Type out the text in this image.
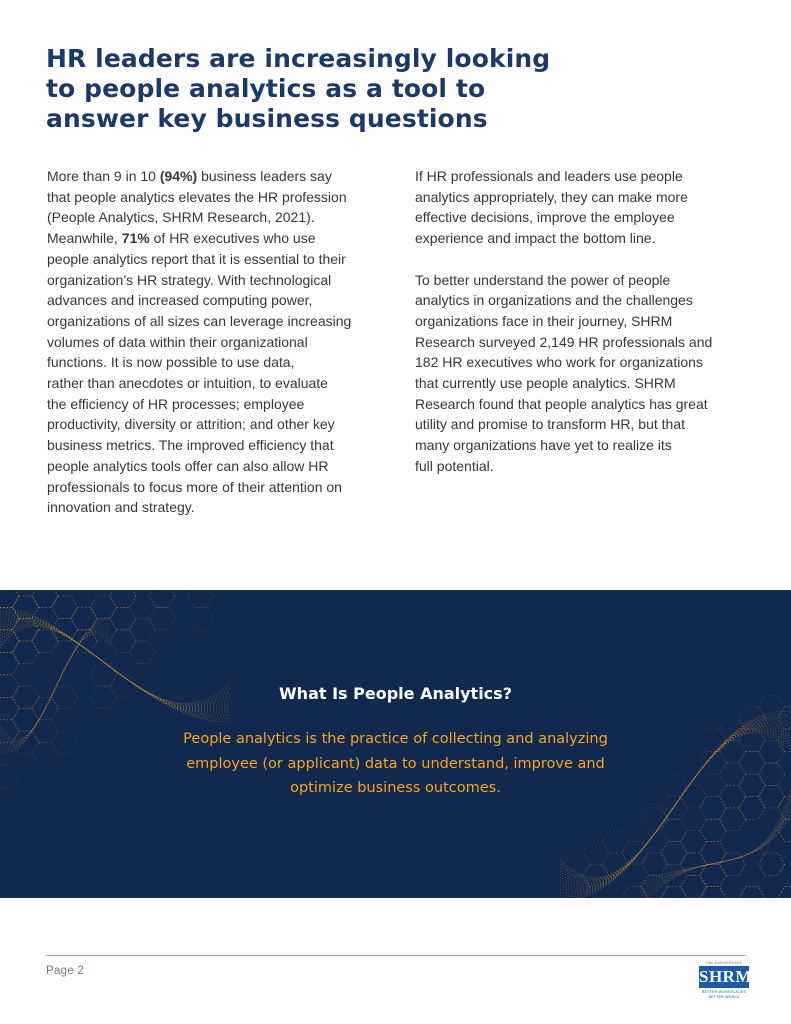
HR leaders are increasingly looking
to people analytics as a tool to
answer key business questions

More than 9 in 10 (94%) business leaders say
that people analytics elevates the HR profession
(People Analytics, SHRM Research, 2021).
Meanwhile, 71% of HR executives who use
people analytics report that it is essential to their
organization’s HR strategy. With technological
advances and increased computing power,
organizations of all sizes can leverage increasing
volumes of data within their organizational
functions. It is now possible to use data,
rather than anecdotes or intuition, to evaluate
the efficiency of HR processes; employee
productivity, diversity or attrition; and other key
business metrics. The improved efficiency that
people analytics tools offer can also allow HR
professionals to focus more of their attention on
innovation and strategy.

If HR professionals and leaders use people
analytics appropriately, they can make more
effective decisions, improve the employee
experience and impact the bottom line.

To better understand the power of people
analytics in organizations and the challenges
organizations face in their journey, SHRM
Research surveyed 2,149 HR professionals and
182 HR executives who work for organizations
that currently use people analytics. SHRM
Research found that people analytics has great
utility and promise to transform HR, but that
many organizations have yet to realize its
full potential.

What Is People Analytics?

People analytics is the practice of collecting and analyzing
employee (or applicant) data to understand, improve and
optimize business outcomes.

Page 2
75th ANNIVERSARY
SHRM
BETTER WORKPLACES
BETTER WORLD
